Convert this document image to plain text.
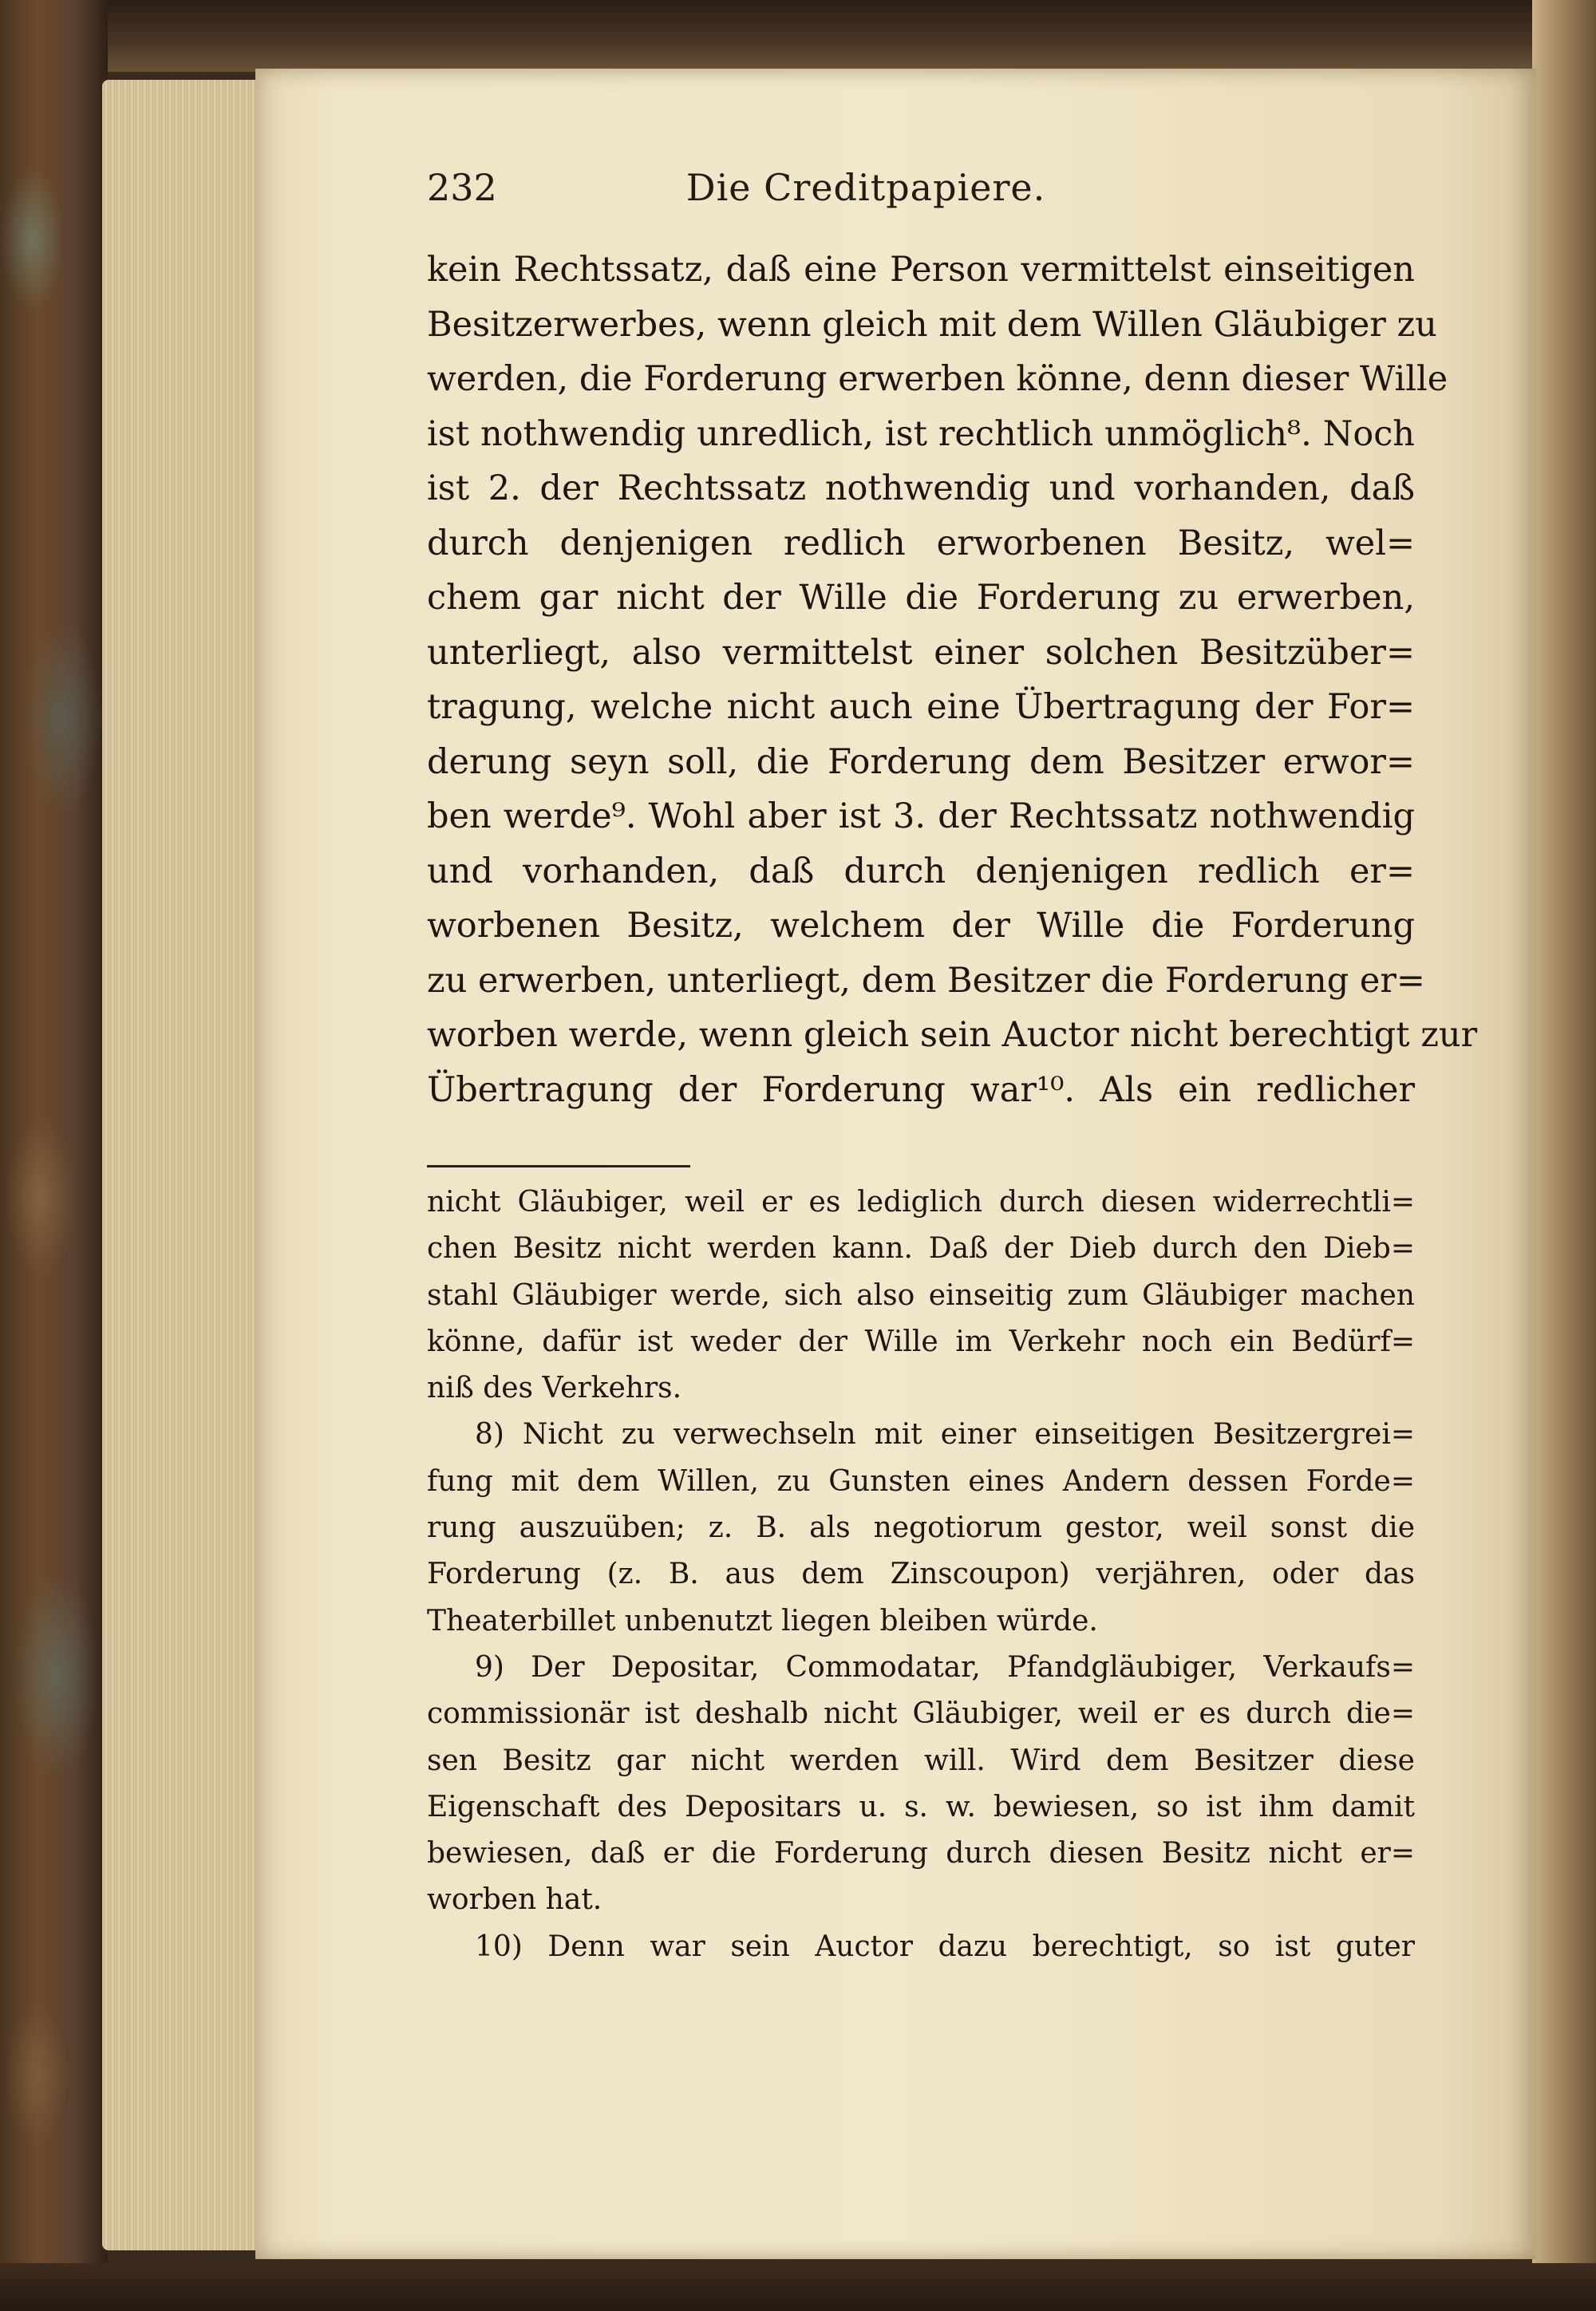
232	Die Creditpapiere.
kein Rechtssatz, daß eine Person vermittelst einseitigen
Besitzerwerbes, wenn gleich mit dem Willen Gläubiger zu
werden, die Forderung erwerben könne, denn dieser Wille
ist nothwendig unredlich, ist rechtlich unmöglich⁸. Noch
ist 2. der Rechtssatz nothwendig und vorhanden, daß
durch denjenigen redlich erworbenen Besitz, wel=
chem gar nicht der Wille die Forderung zu erwerben,
unterliegt, also vermittelst einer solchen Besitzüber=
tragung, welche nicht auch eine Übertragung der For=
derung seyn soll, die Forderung dem Besitzer erwor=
ben werde⁹. Wohl aber ist 3. der Rechtssatz nothwendig
und vorhanden, daß durch denjenigen redlich er=
worbenen Besitz, welchem der Wille die Forderung
zu erwerben, unterliegt, dem Besitzer die Forderung er=
worben werde, wenn gleich sein Auctor nicht berechtigt zur
Übertragung der Forderung war¹⁰. Als ein redlicher
nicht Gläubiger, weil er es lediglich durch diesen widerrechtli=
chen Besitz nicht werden kann. Daß der Dieb durch den Dieb=
stahl Gläubiger werde, sich also einseitig zum Gläubiger machen
könne, dafür ist weder der Wille im Verkehr noch ein Bedürf=
niß des Verkehrs.
8) Nicht zu verwechseln mit einer einseitigen Besitzergrei=
fung mit dem Willen, zu Gunsten eines Andern dessen Forde=
rung auszuüben; z. B. als negotiorum gestor, weil sonst die
Forderung (z. B. aus dem Zinscoupon) verjähren, oder das
Theaterbillet unbenutzt liegen bleiben würde.
9) Der Depositar, Commodatar, Pfandgläubiger, Verkaufs=
commissionär ist deshalb nicht Gläubiger, weil er es durch die=
sen Besitz gar nicht werden will. Wird dem Besitzer diese
Eigenschaft des Depositars u. s. w. bewiesen, so ist ihm damit
bewiesen, daß er die Forderung durch diesen Besitz nicht er=
worben hat.
10) Denn war sein Auctor dazu berechtigt, so ist guter
